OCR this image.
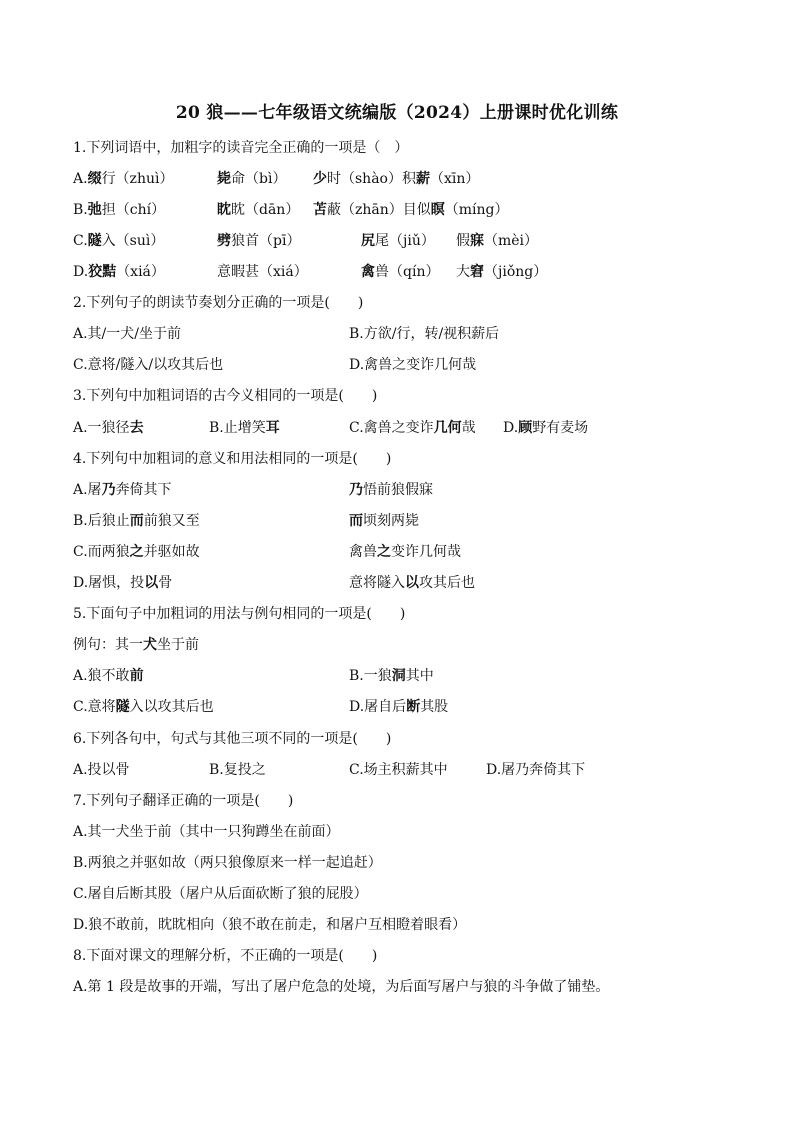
20 狼——七年级语文统编版（2024）上册课时优化训练
1.下列词语中，加粗字的读音完全正确的一项是（　）
A.缀行（zhuì）	毙命（bì） 少时（shào）积薪（xīn）
B.弛担（chí）	眈眈（dān） 苫蔽（zhān）目似瞑（míng）
C.隧入（suì）	劈狼首（pī）	尻尾（jiǔ） 假寐（mèi）
D.狡黠（xiá）	意暇甚（xiá）	禽兽（qín） 大窘（jiǒng）
2.下列句子的朗读节奏划分正确的一项是(　　)
A.其/一犬/坐于前	B.方欲/行，转/视积薪后
C.意将/隧入/以攻其后也	D.禽兽之变诈几何哉
3.下列句中加粗词语的古今义相同的一项是(　　)
A.一狼径去	B.止增笑耳	C.禽兽之变诈几何哉 D.顾野有麦场
4.下列句中加粗词的意义和用法相同的一项是(　　)
A.屠乃奔倚其下	乃悟前狼假寐
B.后狼止而前狼又至	而顷刻两毙
C.而两狼之并驱如故	禽兽之变诈几何哉
D.屠惧，投以骨	意将隧入以攻其后也
5.下面句子中加粗词的用法与例句相同的一项是(　　)
例句：其一犬坐于前
A.狼不敢前	B.一狼洞其中
C.意将隧入以攻其后也	D.屠自后断其股
6.下列各句中，句式与其他三项不同的一项是(　　)
A.投以骨	B.复投之	C.场主积薪其中	D.屠乃奔倚其下
7.下列句子翻译正确的一项是(　　)
A.其一犬坐于前（其中一只狗蹲坐在前面）
B.两狼之并驱如故（两只狼像原来一样一起追赶）
C.屠自后断其股（屠户从后面砍断了狼的屁股）
D.狼不敢前，眈眈相向（狼不敢在前走，和屠户互相瞪着眼看）
8.下面对课文的理解分析，不正确的一项是(　　)
A.第 1 段是故事的开端，写出了屠户危急的处境，为后面写屠户与狼的斗争做了铺垫。
